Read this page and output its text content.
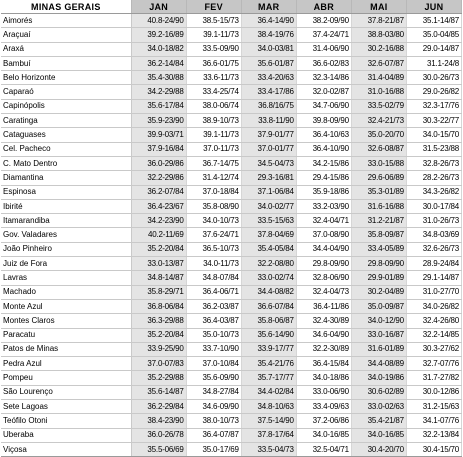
MINAS GERAIS	JAN	FEV	MAR	ABR	MAI	JUN
Aimorés	40.8-24/90	38.5-15/73	36.4-14/90	38.2-09/90	37.8-21/87	35.1-14/87
Araçuaí	39.2-16/89	39.1-11/73	38.4-19/76	37.4-24/71	38.8-03/80	35.0-04/85
Araxá	34.0-18/82	33.5-09/90	34.0-03/81	31.4-06/90	30.2-16/88	29.0-14/87
Bambuí	36.2-14/84	36.6-01/75	35.6-01/87	36.6-02/83	32.6-07/87	31.1-24/8
Belo Horizonte	35.4-30/88	33.6-11/73	33.4-20/63	32.3-14/86	31.4-04/89	30.0-26/73
Caparaó	34.2-29/88	33.4-25/74	33.4-17/86	32.0-02/87	31.0-16/88	29.0-26/82
Capinópolis	35.6-17/84	38.0-06/74	36.8/16/75	34.7-06/90	33.5-02/79	32.3-17/76
Caratinga	35.9-23/90	38.9-10/73	33.8-11/90	39.8-09/90	32.4-21/73	30.3-22/77
Cataguases	39.9-03/71	39.1-11/73	37.9-01/77	36.4-10/63	35.0-20/70	34.0-15/70
Cel. Pacheco	37.9-16/84	37.0-11/73	37.0-01/77	36.4-10/90	32.6-08/87	31.5-23/88
C. Mato Dentro	36.0-29/86	36.7-14/75	34.5-04/73	34.2-15/86	33.0-15/88	32.8-26/73
Diamantina	32.2-29/86	31.4-12/74	29.3-16/81	29.4-15/86	29.6-06/89	28.2-26/73
Espinosa	36.2-07/84	37.0-18/84	37.1-06/84	35.9-18/86	35.3-01/89	34.3-26/82
Ibirité	36.4-23/67	35.8-08/90	34.0-02/77	33.2-03/90	31.6-16/88	30.0-17/84
Itamarandiba	34.2-23/90	34.0-10/73	33.5-15/63	32.4-04/71	31.2-21/87	31.0-26/73
Gov. Valadares	40.2-11/69	37.6-24/71	37.8-04/69	37.0-08/90	35.8-09/87	34.8-03/69
João Pinheiro	35.2-20/84	36.5-10/73	35.4-05/84	34.4-04/90	33.4-05/89	32.6-26/73
Juiz de Fora	33.0-13/87	34.0-11/73	32.2-08/80	29.8-09/90	29.8-09/90	28.9-24/84
Lavras	34.8-14/87	34.8-07/84	33.0-02/74	32.8-06/90	29.9-01/89	29.1-14/87
Machado	35.8-29/71	36.4-06/71	34.4-08/82	32.4-04/73	30.2-04/89	31.0-27/70
Monte Azul	36.8-06/84	36.2-03/87	36.6-07/84	36.4-11/86	35.0-09/87	34.0-26/82
Montes Claros	36.3-29/88	36.4-03/87	35.8-06/87	32.4-30/89	34.0-12/90	32.4-26/80
Paracatu	35.2-20/84	35.0-10/73	35.6-14/90	34.6-04/90	33.0-16/87	32.2-14/85
Patos de Minas	33.9-25/90	33.7-10/90	33.9-17/77	32.2-30/89	31.6-01/89	30.3-27/62
Pedra Azul	37.0-07/83	37.0-10/84	35.4-21/76	36.4-15/84	34.4-08/89	32.7-07/76
Pompeu	35.2-29/88	35.6-09/90	35.7-17/77	34.0-18/86	34.0-19/86	31.7-27/82
São Lourenço	35.6-14/87	34.8-27/84	34.4-02/84	33.0-06/90	30.6-02/89	30.0-12/86
Sete Lagoas	36.2-29/84	34.6-09/90	34.8-10/63	33.4-09/63	33.0-02/63	31.2-15/63
Teófilo Otoni	38.4-23/90	38.0-10/73	37.5-14/90	37.2-06/86	35.4-21/87	34.1-07/76
Uberaba	36.0-26/78	36.4-07/87	37.8-17/64	34.0-16/85	34.0-16/85	32.2-13/84
Viçosa	35.5-06/69	35.0-17/69	33.5-04/73	32.5-04/71	30.4-20/70	30.4-15/70
